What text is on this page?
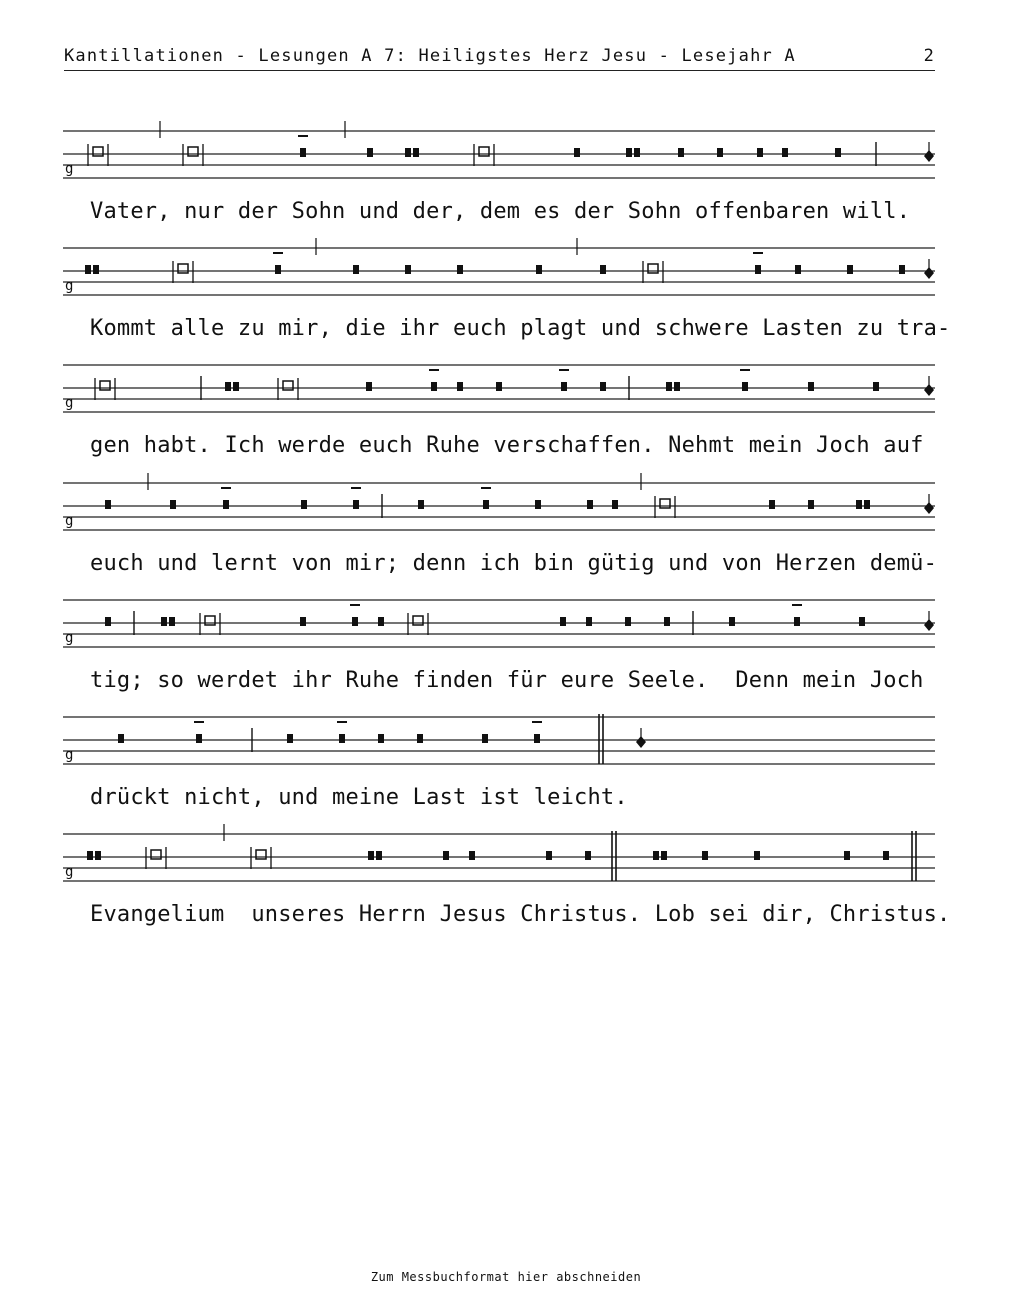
Kantillationen - Lesungen A 7: Heiligstes Herz Jesu - Lesejahr A	2
g
Vater, nur der Sohn und der, dem es der Sohn offenbaren will.
g
Kommt alle zu mir, die ihr euch plagt und schwere Lasten zu tra-
g
gen habt. Ich werde euch Ruhe verschaffen. Nehmt mein Joch auf
g
euch und lernt von mir; denn ich bin gütig und von Herzen demü-
g
tig; so werdet ihr Ruhe finden für eure Seele.  Denn mein Joch
g
drückt nicht, und meine Last ist leicht.
g
Evangelium  unseres Herrn Jesus Christus. Lob sei dir, Christus.
Zum Messbuchformat hier abschneiden
